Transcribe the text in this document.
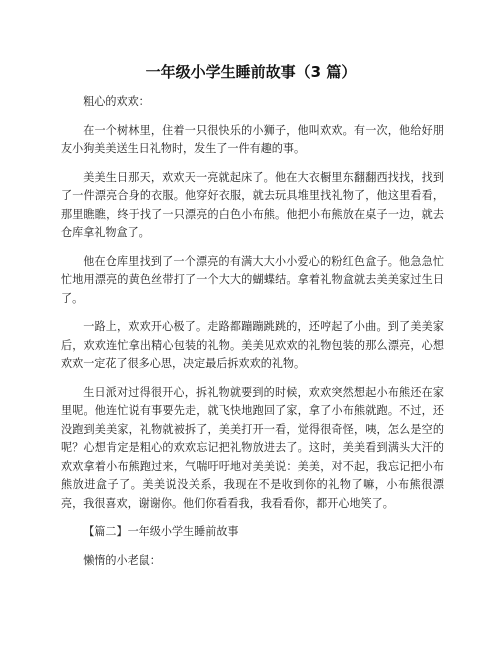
一年级小学生睡前故事（3 篇）

粗心的欢欢：

在一个树林里，住着一只很快乐的小狮子，他叫欢欢。有一次，他给好朋友小狗美美送生日礼物时，发生了一件有趣的事。

美美生日那天，欢欢天一亮就起床了。他在大衣橱里东翻翻西找找，找到了一件漂亮合身的衣服。他穿好衣服，就去玩具堆里找礼物了，他这里看看，那里瞧瞧，终于找了一只漂亮的白色小布熊。他把小布熊放在桌子一边，就去仓库拿礼物盒了。

他在仓库里找到了一个漂亮的有满大大小小爱心的粉红色盒子。他急急忙忙地用漂亮的黄色丝带打了一个大大的蝴蝶结。拿着礼物盒就去美美家过生日了。

一路上，欢欢开心极了。走路都蹦蹦跳跳的，还哼起了小曲。到了美美家后，欢欢连忙拿出精心包装的礼物。美美见欢欢的礼物包装的那么漂亮，心想欢欢一定花了很多心思，决定最后拆欢欢的礼物。

生日派对过得很开心，拆礼物就要到的时候，欢欢突然想起小布熊还在家里呢。他连忙说有事要先走，就飞快地跑回了家，拿了小布熊就跑。不过，还没跑到美美家，礼物就被拆了，美美打开一看，觉得很奇怪，咦，怎么是空的呢？心想肯定是粗心的欢欢忘记把礼物放进去了。这时，美美看到满头大汗的欢欢拿着小布熊跑过来，气喘吁吁地对美美说：美美，对不起，我忘记把小布熊放进盒子了。美美说没关系，我现在不是收到你的礼物了嘛，小布熊很漂亮，我很喜欢，谢谢你。他们你看看我，我看看你，都开心地笑了。

【篇二】一年级小学生睡前故事

懒惰的小老鼠：
